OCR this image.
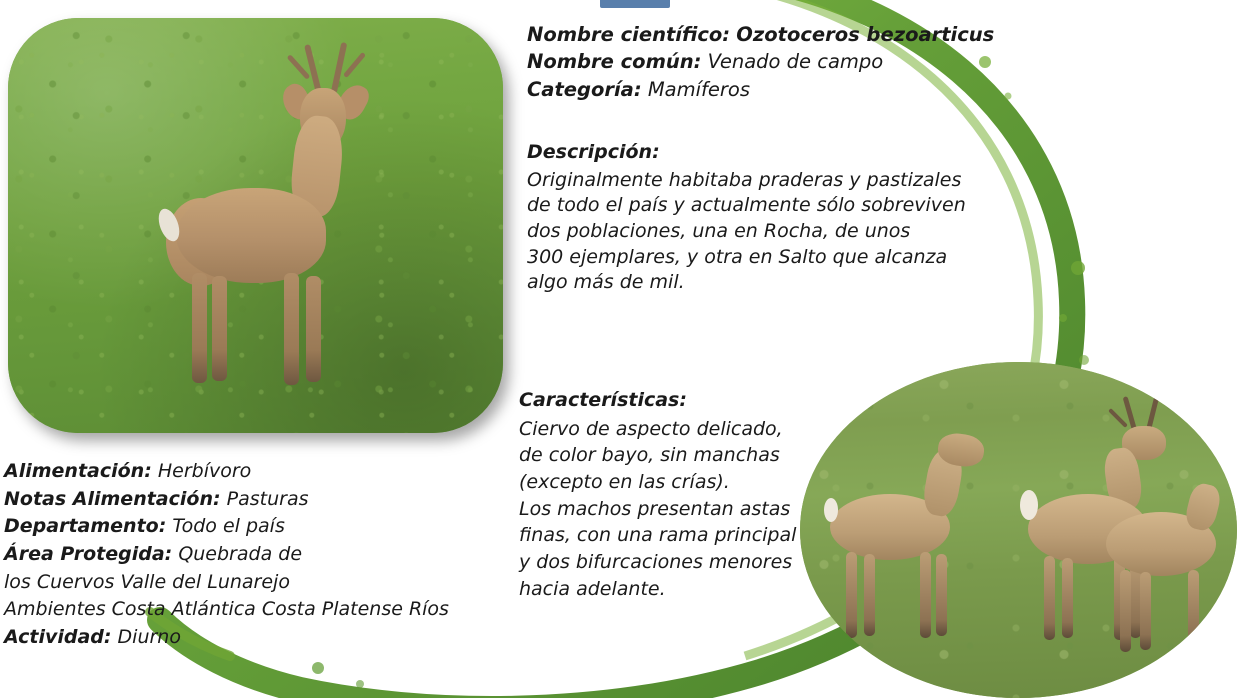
Nombre científico: Ozotoceros bezoarticus
Nombre común: Venado de campo
Categoría: Mamíferos
Descripción:
Originalmente habitaba praderas y pastizales
de todo el país y actualmente sólo sobreviven
dos poblaciones, una en Rocha, de unos
300 ejemplares, y otra en Salto que alcanza
algo más de mil.
Características:
Ciervo de aspecto delicado,
de color bayo, sin manchas
(excepto en las crías).
Los machos presentan astas
finas, con una rama principal
y dos bifurcaciones menores
hacia adelante.
Alimentación: Herbívoro
Notas Alimentación: Pasturas
Departamento: Todo el país
Área Protegida: Quebrada de
los Cuervos Valle del Lunarejo
Ambientes Costa Atlántica Costa Platense Ríos
Actividad: Diurno
